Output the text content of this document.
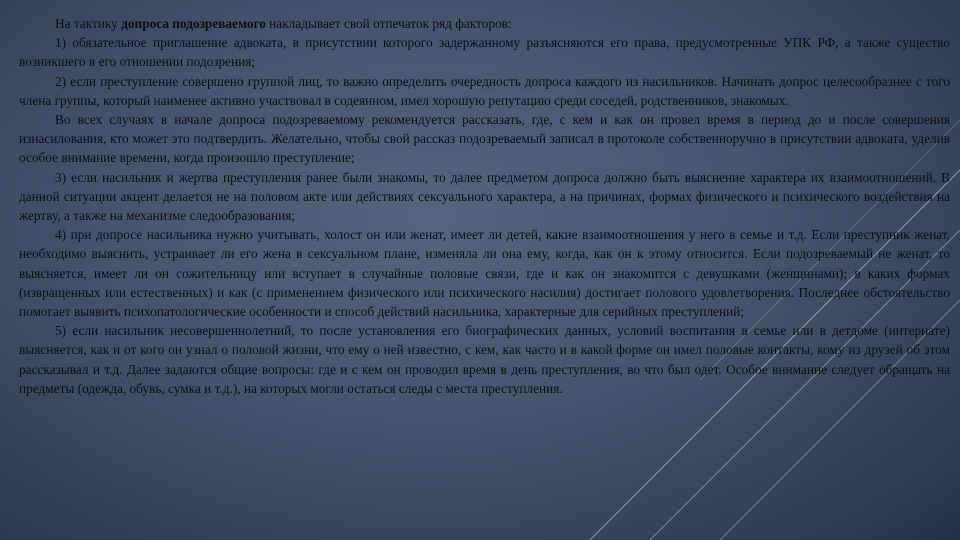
На тактику допроса подозреваемого накладывает свой отпечаток ряд факторов:

1) обязательное приглашение адвоката, в присутствии которого задержанному разъясняются его права, предусмотренные УПК РФ, а также существо возникшего в его отношении подозрения;

2) если преступление совершено группой лиц, то важно определить очередность допроса каждого из насильников. Начинать допрос целесообразнее с того члена группы, который наименее активно участвовал в содеянном, имел хорошую репутацию среди соседей, родственников, знакомых.

Во всех случаях в начале допроса подозреваемому рекомендуется рассказать, где, с кем и как он провел время в период до и после совершения изнасилования, кто может это подтвердить. Желательно, чтобы свой рассказ подозреваемый записал в протоколе собственноручно в присутствии адвоката, уделив особое внимание времени, когда произошло преступление;

3) если насильник и жертва преступления ранее были знакомы, то далее предметом допроса должно быть выяснение характера их взаимоотношений. В данной ситуации акцент делается не на половом акте или действиях сексуального характера, а на причинах, формах физического и психического воздействия на жертву, а также на механизме следообразования;

4) при допросе насильника нужно учитывать, холост он или женат, имеет ли детей, какие взаимоотношения у него в семье и т.д. Если преступник женат, необходимо выяснить, устраивает ли его жена в сексуальном плане, изменяла ли она ему, когда, как он к этому относится. Если подозреваемый не женат, то выясняется, имеет ли он сожительницу или вступает в случайные половые связи, где и как он знакомится с девушками (женщинами); в каких формах (извращенных или естественных) и как (с применением физического или психического насилия) достигает полового удовлетворения. Последнее обстоятельство помогает выявить психопатологические особенности и способ действий насильника, характерные для серийных преступлений;

5) если насильник несовершеннолетний, то после установления его биографических данных, условий воспитания в семье или в детдоме (интернате) выясняется, как и от кого он узнал о половой жизни, что ему о ней известно, с кем, как часто и в какой форме он имел половые контакты, кому из друзей об этом рассказывал и т.д. Далее задаются общие вопросы: где и с кем он проводил время в день преступления, во что был одет. Особое внимание следует обращать на предметы (одежда, обувь, сумка и т.д.), на которых могли остаться следы с места преступления.
